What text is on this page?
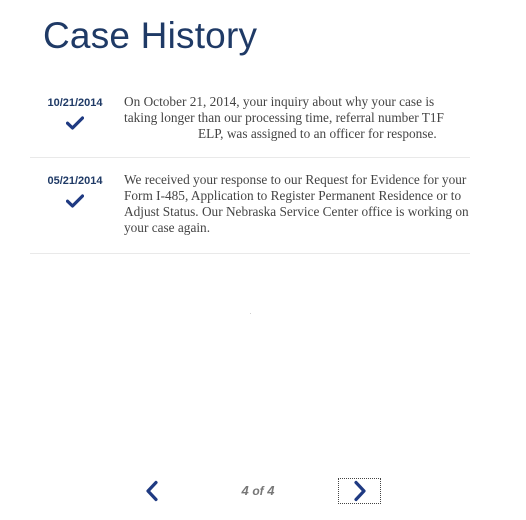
Case History
10/21/2014	On October 21, 2014, your inquiry about why your case is taking longer than our processing time, referral number T1FELP, was assigned to an officer for response.

05/21/2014	We received your response to our Request for Evidence for your Form I-485, Application to Register Permanent Residence or to Adjust Status. Our Nebraska Service Center office is working on your case again.

4 of 4
